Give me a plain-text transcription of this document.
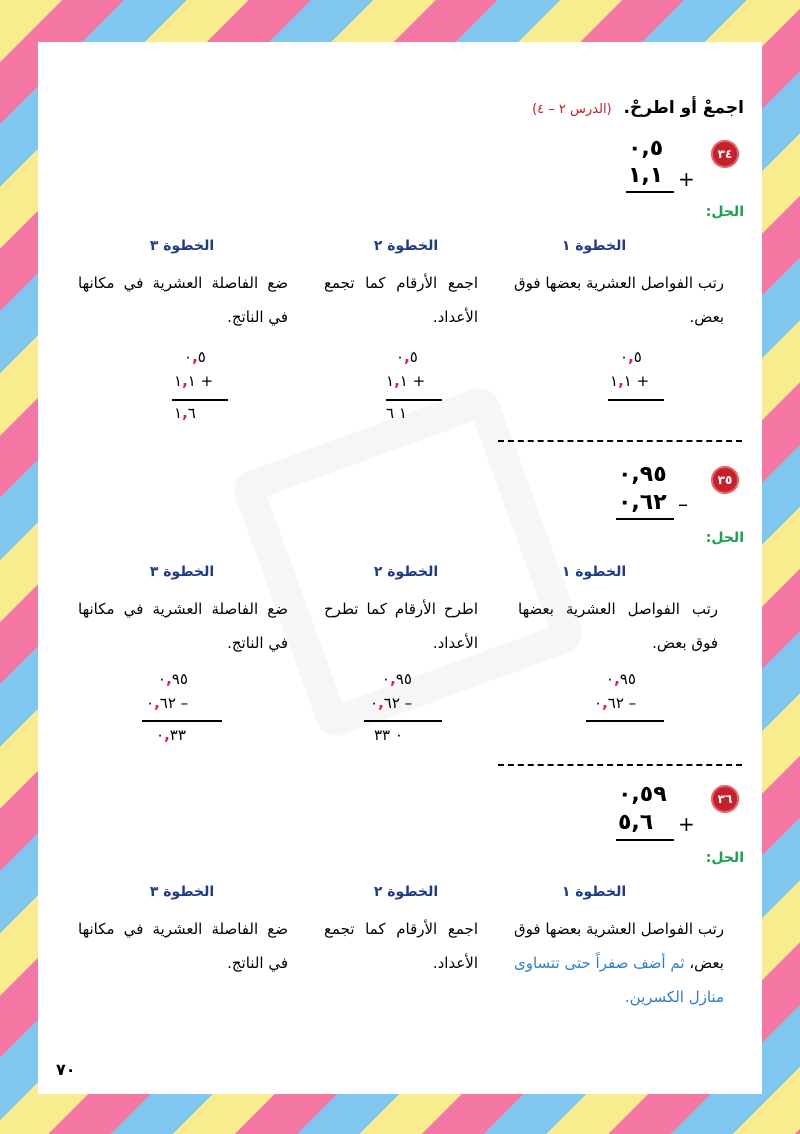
اجمعْ أو اطرحْ. (الدرس ٢ – ٤)
٣٤
٠,٥
١,١ +
الحل:
الخطوة ١
الخطوة ٢
الخطوة ٣
رتب الفواصل العشرية بعضها فوق بعض.
اجمع الأرقام كما تجمع الأعداد.
ضع الفاصلة العشرية في مكانها في الناتج.
٠,٥
١,١ +
٠,٥
١,١ +
١ ٦
٠,٥
١,١ +
١,٦
٣٥
٠,٩٥
٠,٦٢ –
الحل:
الخطوة ١
الخطوة ٢
الخطوة ٣
رتب الفواصل العشرية بعضها فوق بعض.
اطرح الأرقام كما تطرح الأعداد.
ضع الفاصلة العشرية في مكانها في الناتج.
٠,٩٥
٠,٦٢ –
٠,٩٥
٠,٦٢ –
٠ ٣٣
٠,٩٥
٠,٦٢ –
٠,٣٣
٣٦
٠,٥٩
٥,٦ +
الحل:
الخطوة ١
الخطوة ٢
الخطوة ٣
رتب الفواصل العشرية بعضها فوق بعض، ثم أضف صفراً حتى تتساوى منازل الكسرين.
اجمع الأرقام كما تجمع الأعداد.
ضع الفاصلة العشرية في مكانها في الناتج.
٧٠
